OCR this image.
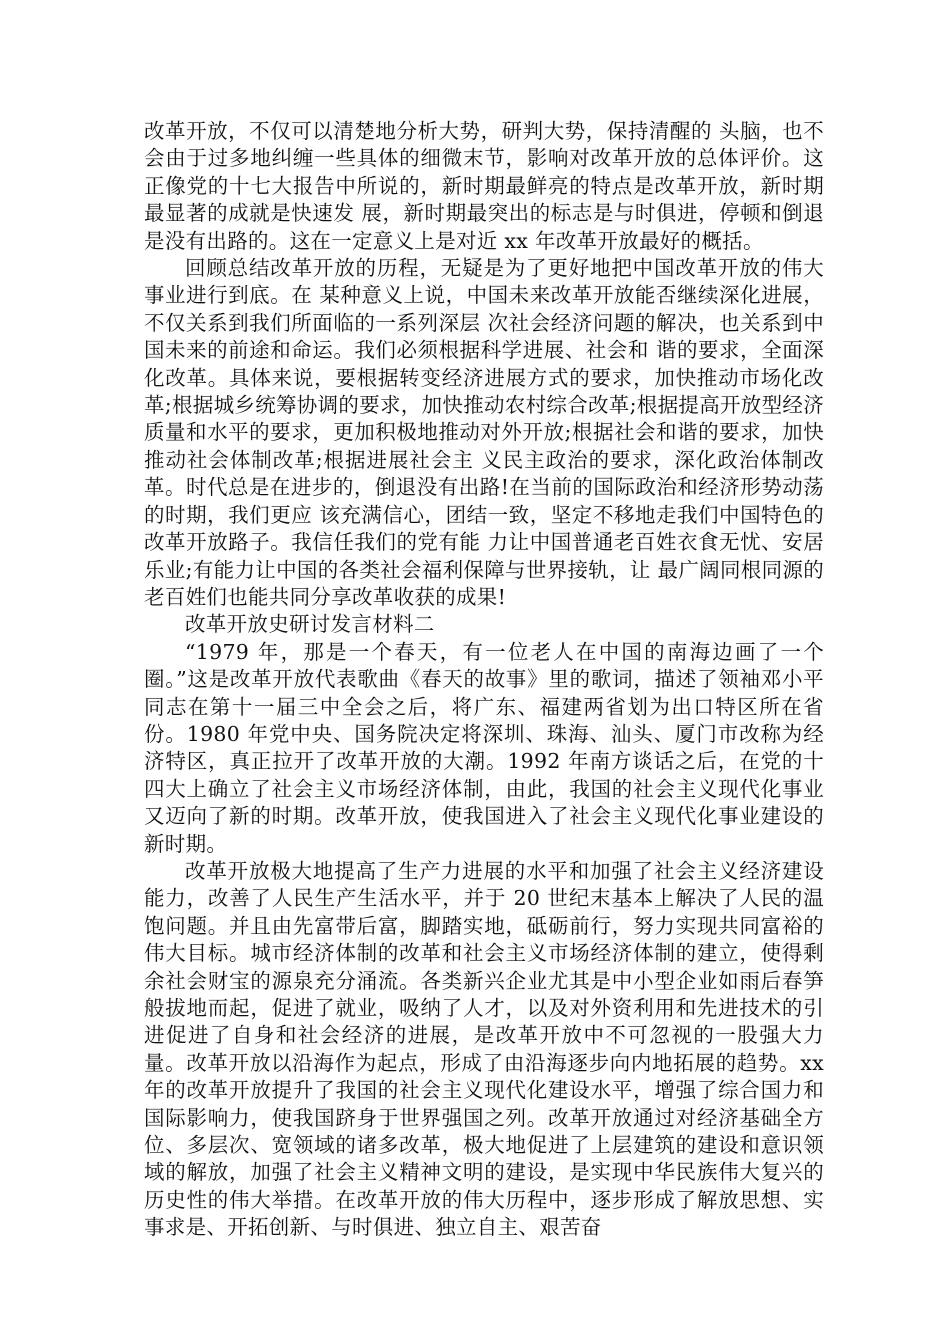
改革开放，不仅可以清楚地分析大势，研判大势，保持清醒的 头脑，也不会由于过多地纠缠一些具体的细微末节，影响对改革开放的总体评价。这正像党的十七大报告中所说的，新时期最鲜亮的特点是改革开放，新时期最显著的成就是快速发 展，新时期最突出的标志是与时俱进，停顿和倒退是没有出路的。这在一定意义上是对近 xx 年改革开放最好的概括。

回顾总结改革开放的历程，无疑是为了更好地把中国改革开放的伟大事业进行到底。在 某种意义上说，中国未来改革开放能否继续深化进展，不仅关系到我们所面临的一系列深层 次社会经济问题的解决，也关系到中国未来的前途和命运。我们必须根据科学进展、社会和 谐的要求，全面深化改革。具体来说，要根据转变经济进展方式的要求，加快推动市场化改 革;根据城乡统筹协调的要求，加快推动农村综合改革;根据提高开放型经济质量和水平的要求，更加积极地推动对外开放;根据社会和谐的要求，加快推动社会体制改革;根据进展社会主 义民主政治的要求，深化政治体制改革。时代总是在进步的，倒退没有出路!在当前的国际政治和经济形势动荡的时期，我们更应 该充满信心，团结一致，坚定不移地走我们中国特色的改革开放路子。我信任我们的党有能 力让中国普通老百姓衣食无忧、安居乐业;有能力让中国的各类社会福利保障与世界接轨，让 最广阔同根同源的老百姓们也能共同分享改革收获的成果!

改革开放史研讨发言材料二

“1979 年，那是一个春天，有一位老人在中国的南海边画了一个圈。”这是改革开放代表歌曲《春天的故事》里的歌词，描述了领袖邓小平同志在第十一届三中全会之后，将广东、福建两省划为出口特区所在省份。1980 年党中央、国务院决定将深圳、珠海、汕头、厦门市改称为经济特区，真正拉开了改革开放的大潮。1992 年南方谈话之后，在党的十四大上确立了社会主义市场经济体制，由此，我国的社会主义现代化事业又迈向了新的时期。改革开放，使我国进入了社会主义现代化事业建设的新时期。

改革开放极大地提高了生产力进展的水平和加强了社会主义经济建设能力，改善了人民生产生活水平，并于 20 世纪末基本上解决了人民的温饱问题。并且由先富带后富，脚踏实地，砥砺前行，努力实现共同富裕的伟大目标。城市经济体制的改革和社会主义市场经济体制的建立，使得剩余社会财宝的源泉充分涌流。各类新兴企业尤其是中小型企业如雨后春笋般拔地而起，促进了就业，吸纳了人才，以及对外资利用和先进技术的引进促进了自身和社会经济的进展，是改革开放中不可忽视的一股强大力量。改革开放以沿海作为起点，形成了由沿海逐步向内地拓展的趋势。xx 年的改革开放提升了我国的社会主义现代化建设水平，增强了综合国力和国际影响力，使我国跻身于世界强国之列。改革开放通过对经济基础全方位、多层次、宽领域的诸多改革，极大地促进了上层建筑的建设和意识领域的解放，加强了社会主义精神文明的建设，是实现中华民族伟大复兴的历史性的伟大举措。在改革开放的伟大历程中，逐步形成了解放思想、实事求是、开拓创新、与时俱进、独立自主、艰苦奋
